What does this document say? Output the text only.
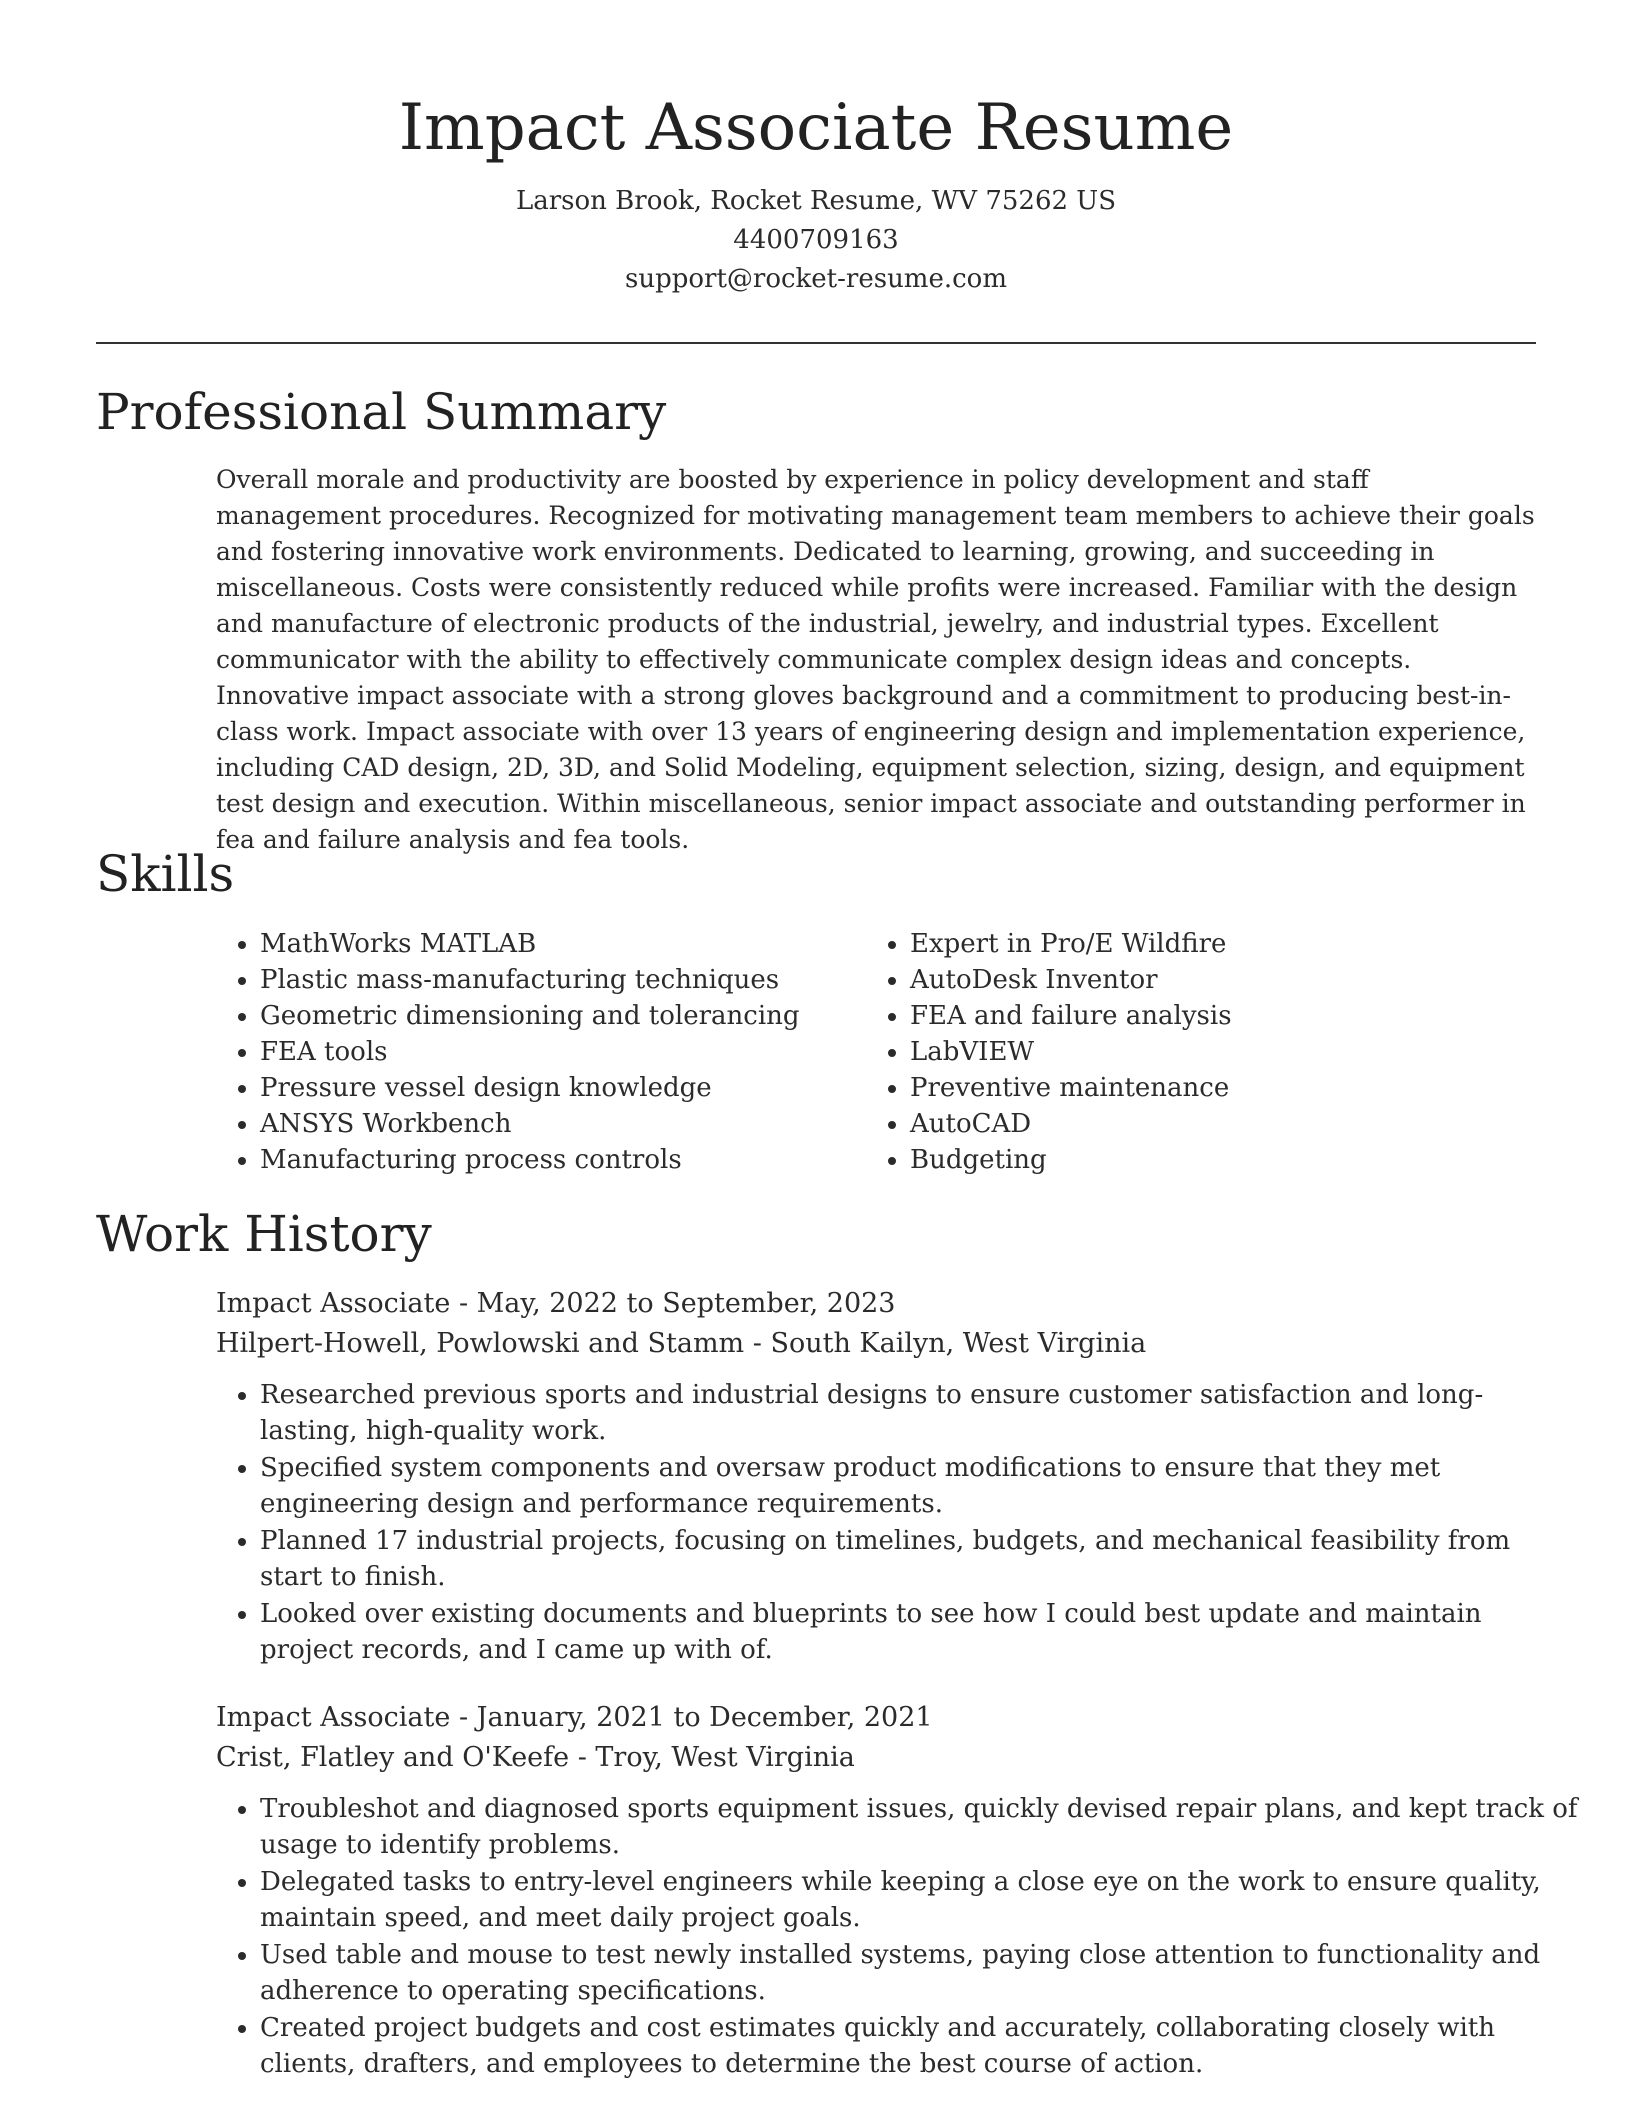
Impact Associate Resume
Larson Brook, Rocket Resume, WV 75262 US
4400709163
support@rocket-resume.com
Professional Summary
Overall morale and productivity are boosted by experience in policy development and staff management procedures. Recognized for motivating management team members to achieve their goals and fostering innovative work environments. Dedicated to learning, growing, and succeeding in miscellaneous. Costs were consistently reduced while profits were increased. Familiar with the design and manufacture of electronic products of the industrial, jewelry, and industrial types. Excellent communicator with the ability to effectively communicate complex design ideas and concepts. Innovative impact associate with a strong gloves background and a commitment to producing best-in-class work. Impact associate with over 13 years of engineering design and implementation experience, including CAD design, 2D, 3D, and Solid Modeling, equipment selection, sizing, design, and equipment test design and execution. Within miscellaneous, senior impact associate and outstanding performer in fea and failure analysis and fea tools.
Skills
• MathWorks MATLAB
• Plastic mass-manufacturing techniques
• Geometric dimensioning and tolerancing
• FEA tools
• Pressure vessel design knowledge
• ANSYS Workbench
• Manufacturing process controls
• Expert in Pro/E Wildfire
• AutoDesk Inventor
• FEA and failure analysis
• LabVIEW
• Preventive maintenance
• AutoCAD
• Budgeting
Work History
Impact Associate - May, 2022 to September, 2023
Hilpert-Howell, Powlowski and Stamm - South Kailyn, West Virginia
• Researched previous sports and industrial designs to ensure customer satisfaction and long-lasting, high-quality work.
• Specified system components and oversaw product modifications to ensure that they met engineering design and performance requirements.
• Planned 17 industrial projects, focusing on timelines, budgets, and mechanical feasibility from start to finish.
• Looked over existing documents and blueprints to see how I could best update and maintain project records, and I came up with of.
Impact Associate - January, 2021 to December, 2021
Crist, Flatley and O'Keefe - Troy, West Virginia
• Troubleshot and diagnosed sports equipment issues, quickly devised repair plans, and kept track of usage to identify problems.
• Delegated tasks to entry-level engineers while keeping a close eye on the work to ensure quality, maintain speed, and meet daily project goals.
• Used table and mouse to test newly installed systems, paying close attention to functionality and adherence to operating specifications.
• Created project budgets and cost estimates quickly and accurately, collaborating closely with clients, drafters, and employees to determine the best course of action.
